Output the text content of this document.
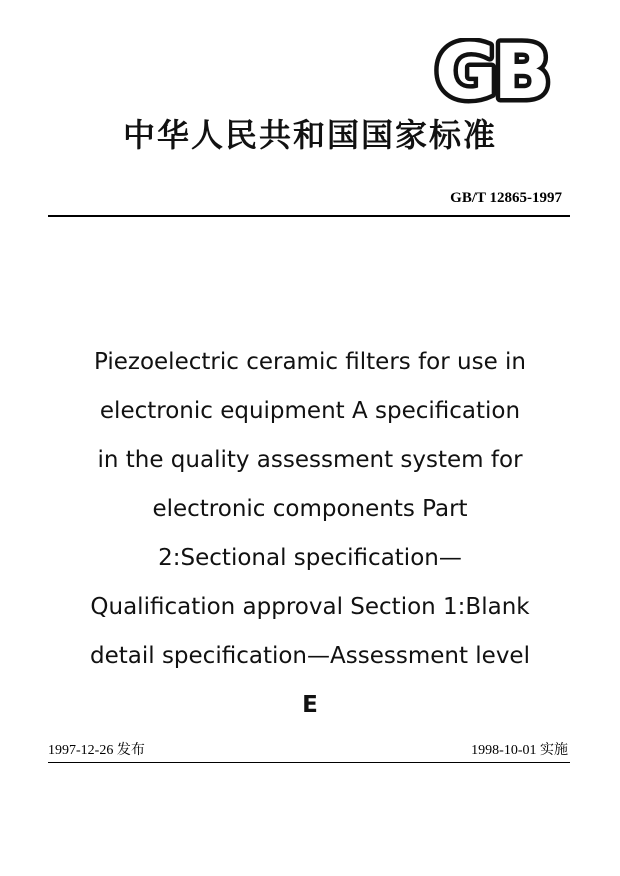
GB
中华人民共和国国家标准
GB/T 12865-1997
Piezoelectric ceramic filters for use in
electronic equipment A specification
in the quality assessment system for
electronic components Part
2:Sectional specification—
Qualification approval Section 1:Blank
detail specification—Assessment level
E
1997-12-26 发布	1998-10-01 实施
